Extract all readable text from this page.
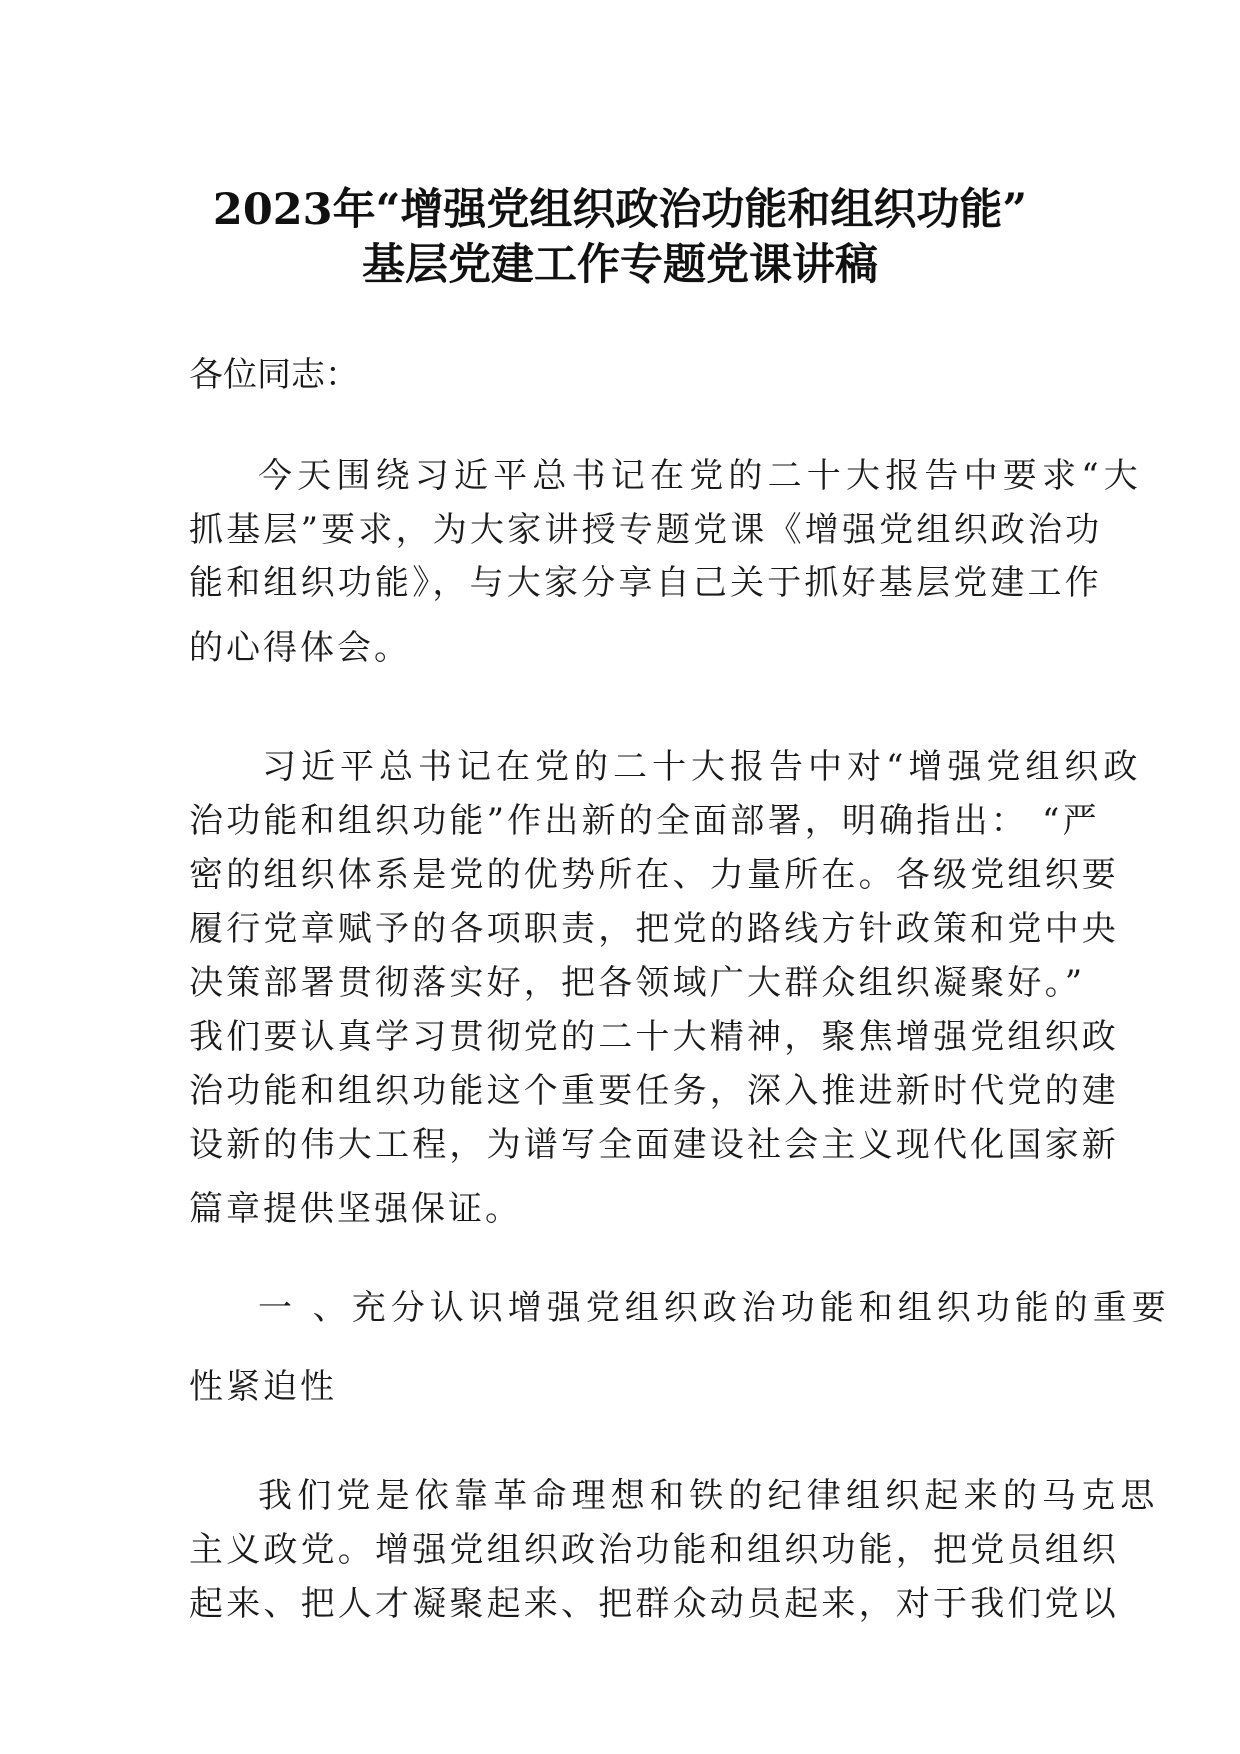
2023年“增强党组织政治功能和组织功能”
基层党建工作专题党课讲稿
各位同志：
今天围绕习近平总书记在党的二十大报告中要求“大
抓基层”要求，为大家讲授专题党课《增强党组织政治功
能和组织功能》，与大家分享自己关于抓好基层党建工作
的心得体会。
习近平总书记在党的二十大报告中对“增强党组织政
治功能和组织功能”作出新的全面部署，明确指出： “严
密的组织体系是党的优势所在、力量所在。各级党组织要
履行党章赋予的各项职责，把党的路线方针政策和党中央
决策部署贯彻落实好，把各领域广大群众组织凝聚好。”
我们要认真学习贯彻党的二十大精神，聚焦增强党组织政
治功能和组织功能这个重要任务，深入推进新时代党的建
设新的伟大工程，为谱写全面建设社会主义现代化国家新
篇章提供坚强保证。
一 、充分认识增强党组织政治功能和组织功能的重要
性紧迫性
我们党是依靠革命理想和铁的纪律组织起来的马克思
主义政党。增强党组织政治功能和组织功能，把党员组织
起来、把人才凝聚起来、把群众动员起来，对于我们党以
